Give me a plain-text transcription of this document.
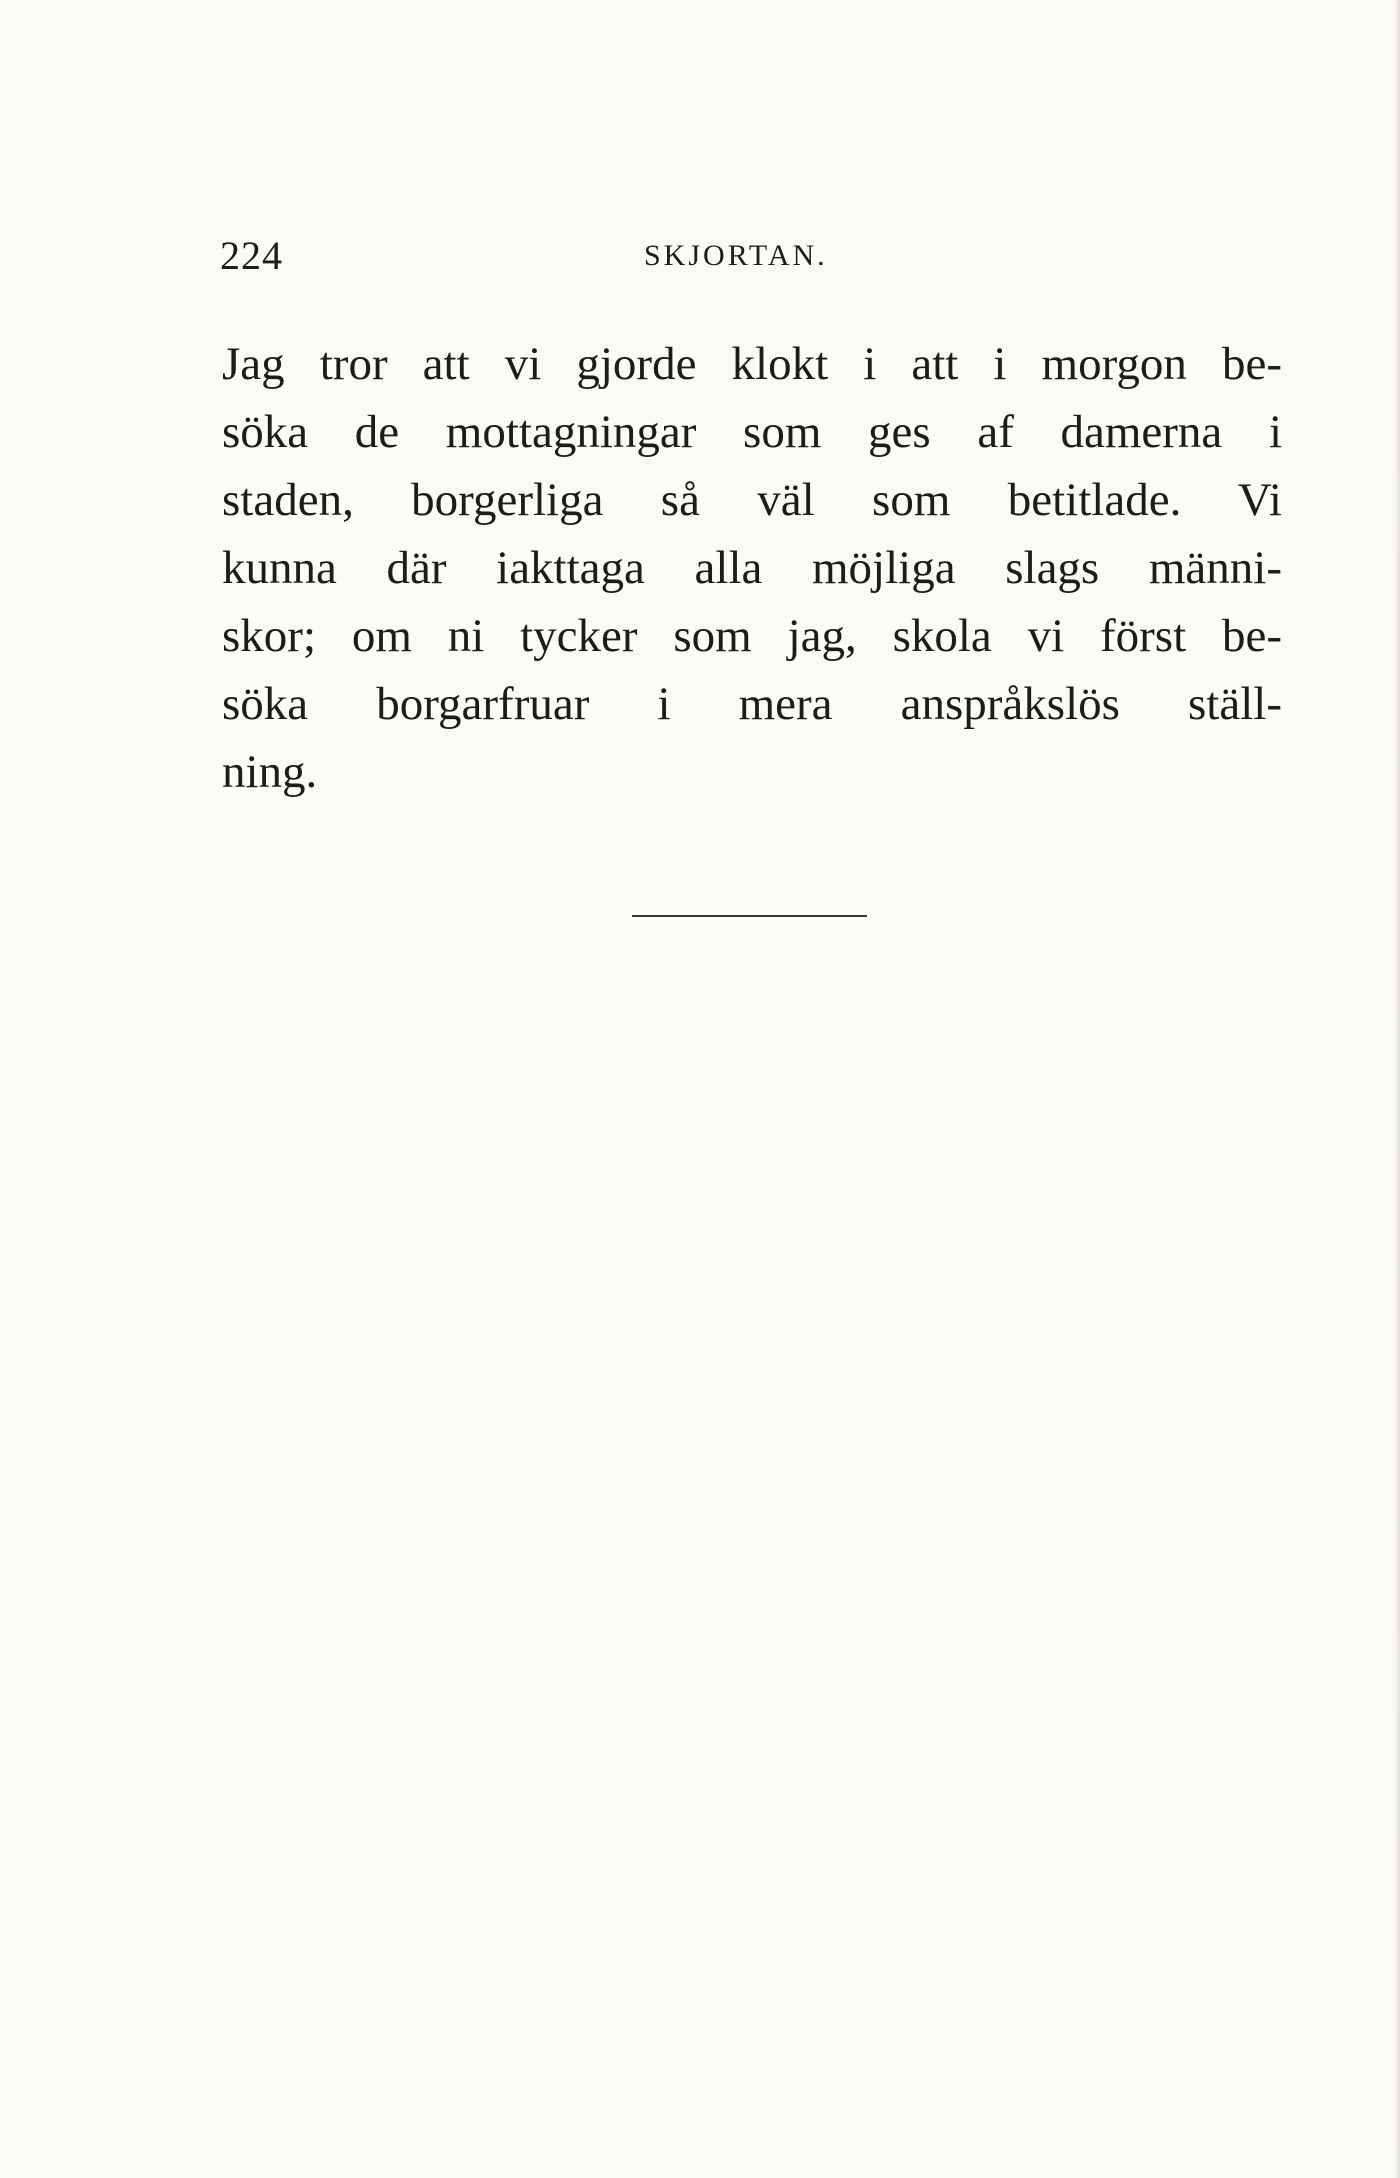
224	SKJORTAN.
Jag tror att vi gjorde klokt i att i morgon be-
söka de mottagningar som ges af damerna i
staden, borgerliga så väl som betitlade. Vi
kunna där iakttaga alla möjliga slags männi-
skor; om ni tycker som jag, skola vi först be-
söka borgarfruar i mera anspråkslös ställ-
ning.
